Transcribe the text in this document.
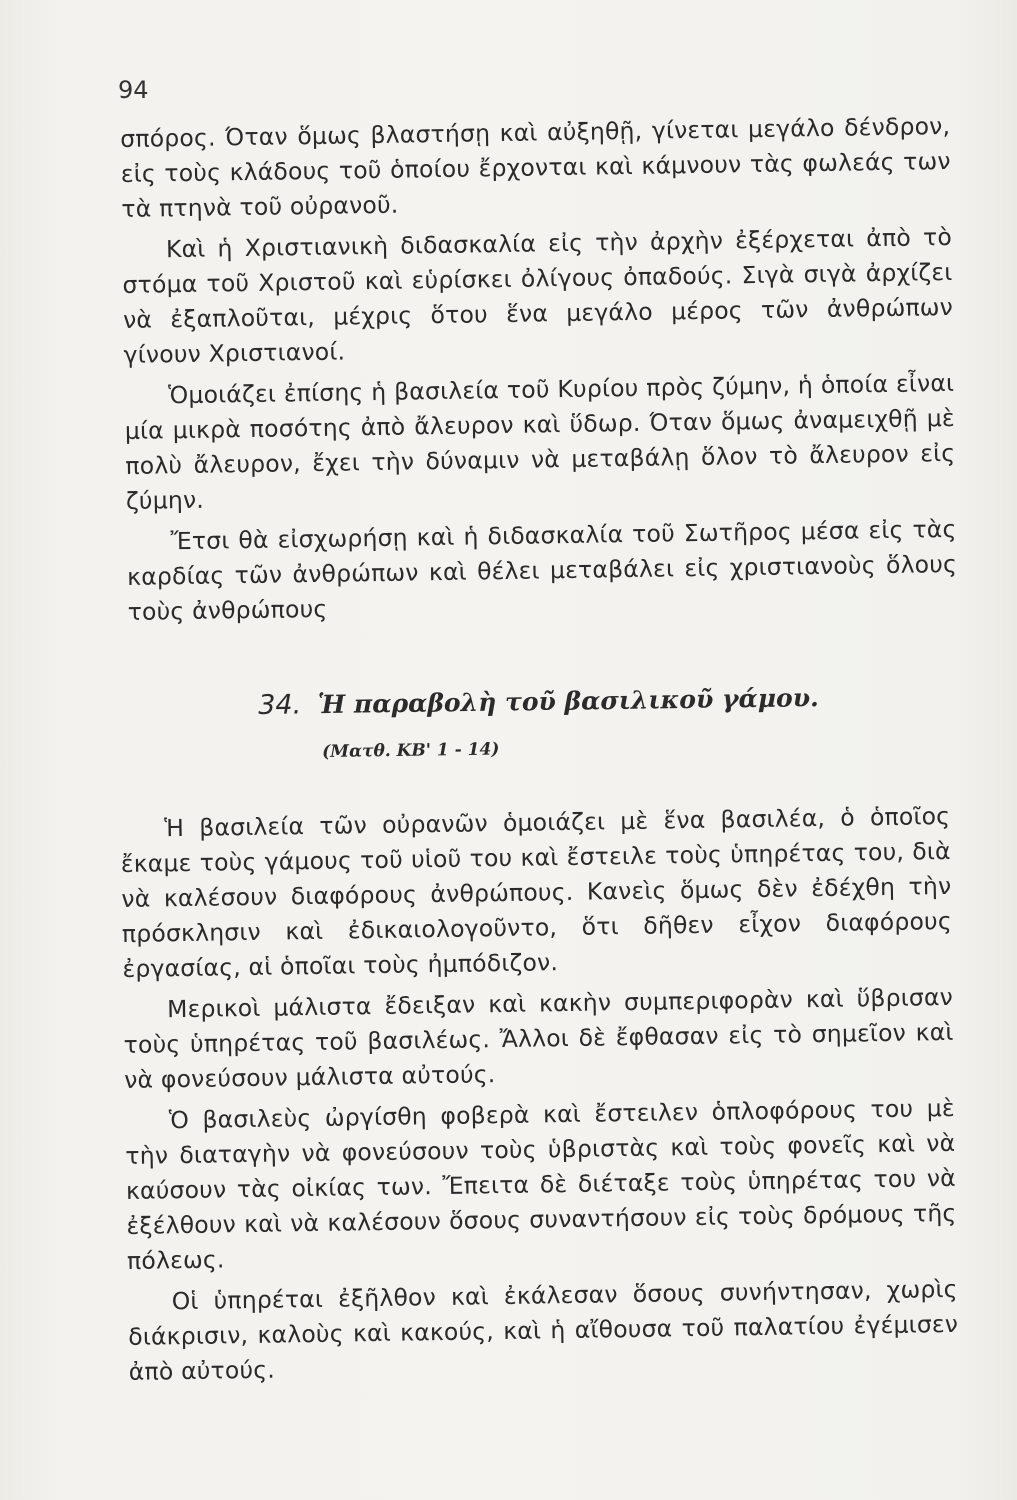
94

σπόρος. Όταν ὅμως βλαστήσῃ καὶ αὐξηθῇ, γίνεται μεγάλο δένδρον, εἰς τοὺς κλάδους τοῦ ὁποίου ἔρχονται καὶ κάμνουν τὰς φωλεάς των τὰ πτηνὰ τοῦ οὐρανοῦ.

Καὶ ἡ Χριστιανικὴ διδασκαλία εἰς τὴν ἀρχὴν ἐξέρχεται ἀπὸ τὸ στόμα τοῦ Χριστοῦ καὶ εὑρίσκει ὀλίγους ὀπαδούς. Σιγὰ σιγὰ ἀρχίζει νὰ ἐξαπλοῦται, μέχρις ὅτου ἕνα μεγάλο μέρος τῶν ἀνθρώπων γίνουν Χριστιανοί.

Ὁμοιάζει ἐπίσης ἡ βασιλεία τοῦ Κυρίου πρὸς ζύμην, ἡ ὁποία εἶναι μία μικρὰ ποσότης ἀπὸ ἄλευρον καὶ ὕδωρ. Όταν ὅμως ἀναμειχθῇ μὲ πολὺ ἄλευρον, ἔχει τὴν δύναμιν νὰ μεταβάλῃ ὅλον τὸ ἄλευρον εἰς ζύμην.

Ἔτσι θὰ εἰσχωρήσῃ καὶ ἡ διδασκαλία τοῦ Σωτῆρος μέσα εἰς τὰς καρδίας τῶν ἀνθρώπων καὶ θέλει μεταβάλει εἰς χριστιανοὺς ὅλους τοὺς ἀνθρώπους

34. Ἡ παραβολὴ τοῦ βασιλικοῦ γάμου.
(Ματθ. ΚΒ' 1 - 14)

Ἡ βασιλεία τῶν οὐρανῶν ὁμοιάζει μὲ ἕνα βασιλέα, ὁ ὁποῖος ἔκαμε τοὺς γάμους τοῦ υἱοῦ του καὶ ἔστειλε τοὺς ὑπηρέτας του, διὰ νὰ καλέσουν διαφόρους ἀνθρώπους. Κανεὶς ὅμως δὲν ἐδέχθη τὴν πρόσκλησιν καὶ ἐδικαιολογοῦντο, ὅτι δῆθεν εἶχον διαφόρους ἐργασίας, αἱ ὁποῖαι τοὺς ἠμπόδιζον.

Μερικοὶ μάλιστα ἔδειξαν καὶ κακὴν συμπεριφορὰν καὶ ὕβρισαν τοὺς ὑπηρέτας τοῦ βασιλέως. Ἄλλοι δὲ ἔφθασαν εἰς τὸ σημεῖον καὶ νὰ φονεύσουν μάλιστα αὐτούς.

Ὁ βασιλεὺς ὠργίσθη φοβερὰ καὶ ἔστειλεν ὁπλοφόρους του μὲ τὴν διαταγὴν νὰ φονεύσουν τοὺς ὑβριστὰς καὶ τοὺς φονεῖς καὶ νὰ καύσουν τὰς οἰκίας των. Ἔπειτα δὲ διέταξε τοὺς ὑπηρέτας του νὰ ἐξέλθουν καὶ νὰ καλέσουν ὅσους συναντήσουν εἰς τοὺς δρόμους τῆς πόλεως.

Οἱ ὑπηρέται ἐξῆλθον καὶ ἐκάλεσαν ὅσους συνήντησαν, χωρὶς διάκρισιν, καλοὺς καὶ κακούς, καὶ ἡ αἴθουσα τοῦ παλατίου ἐγέμισεν ἀπὸ αὐτούς.
